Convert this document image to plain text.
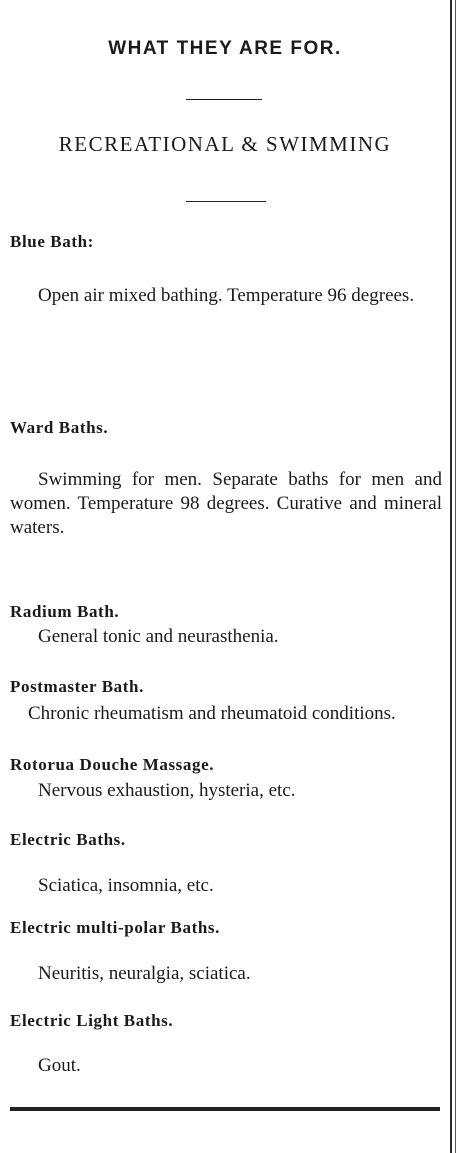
WHAT THEY ARE FOR.
RECREATIONAL & SWIMMING
Blue Bath:
Open air mixed bathing. Temperature 96 degrees.
Ward Baths.
Swimming for men. Separate baths for men and women. Temperature 98 degrees. Curative and mineral waters.
Radium Bath.
General tonic and neurasthenia.
Postmaster Bath.
Chronic rheumatism and rheumatoid conditions.
Rotorua Douche Massage.
Nervous exhaustion, hysteria, etc.
Electric Baths.
Sciatica, insomnia, etc.
Electric multi-polar Baths.
Neuritis, neuralgia, sciatica.
Electric Light Baths.
Gout.
